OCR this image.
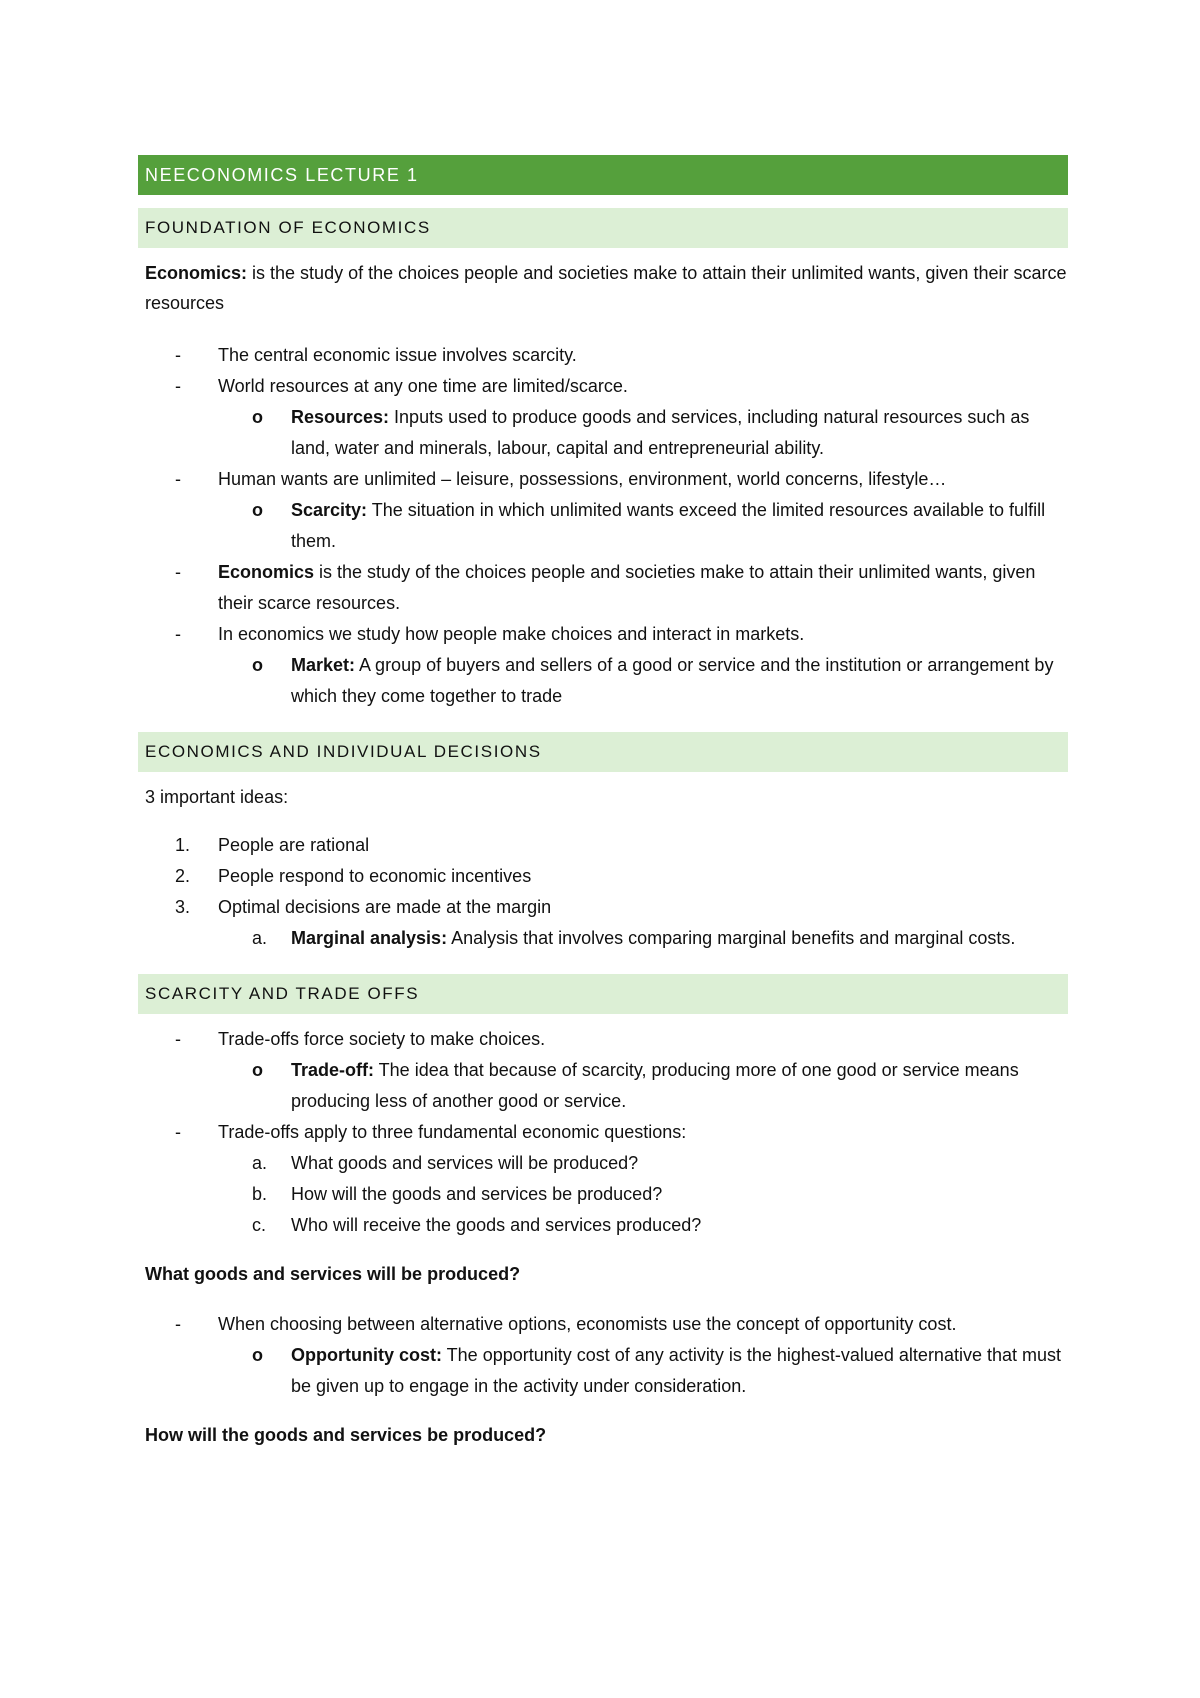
NEECONOMICS LECTURE 1
FOUNDATION OF ECONOMICS

Economics: is the study of the choices people and societies make to attain their unlimited wants, given their scarce resources

-	The central economic issue involves scarcity.
-	World resources at any one time are limited/scarce.
o	Resources: Inputs used to produce goods and services, including natural resources such as land, water and minerals, labour, capital and entrepreneurial ability.
-	Human wants are unlimited – leisure, possessions, environment, world concerns, lifestyle…
o	Scarcity: The situation in which unlimited wants exceed the limited resources available to fulfill them.
-	Economics is the study of the choices people and societies make to attain their unlimited wants, given their scarce resources.
-	In economics we study how people make choices and interact in markets.
o	Market: A group of buyers and sellers of a good or service and the institution or arrangement by which they come together to trade
ECONOMICS AND INDIVIDUAL DECISIONS

3 important ideas:

1.	People are rational
2.	People respond to economic incentives
3.	Optimal decisions are made at the margin
a.	Marginal analysis: Analysis that involves comparing marginal benefits and marginal costs.
SCARCITY AND TRADE OFFS
-	Trade-offs force society to make choices.
o	Trade-off: The idea that because of scarcity, producing more of one good or service means producing less of another good or service.
-	Trade-offs apply to three fundamental economic questions:
a.	What goods and services will be produced?
b.	How will the goods and services be produced?
c.	Who will receive the goods and services produced?
What goods and services will be produced?
-	When choosing between alternative options, economists use the concept of opportunity cost.
o	Opportunity cost: The opportunity cost of any activity is the highest-valued alternative that must be given up to engage in the activity under consideration.
How will the goods and services be produced?
